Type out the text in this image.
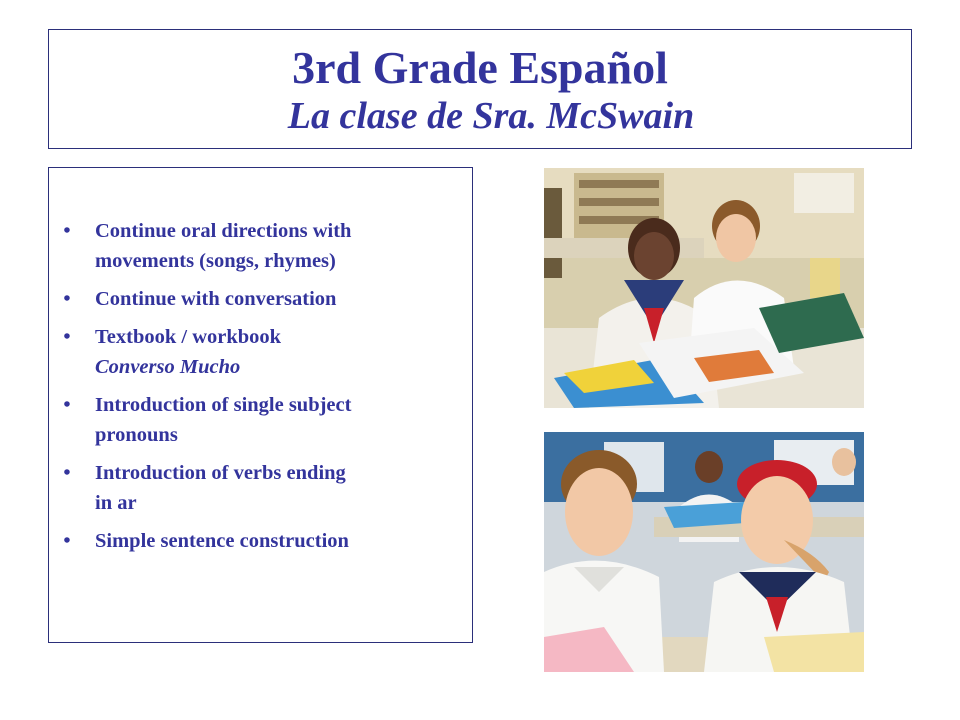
3rd Grade Español

La clase de Sra. McSwain

• Continue oral directions with
movements (songs, rhymes)
• Continue with conversation
• Textbook / workbook
Converso Mucho
• Introduction of single subject
pronouns
• Introduction of verbs ending
in ar
• Simple sentence construction
